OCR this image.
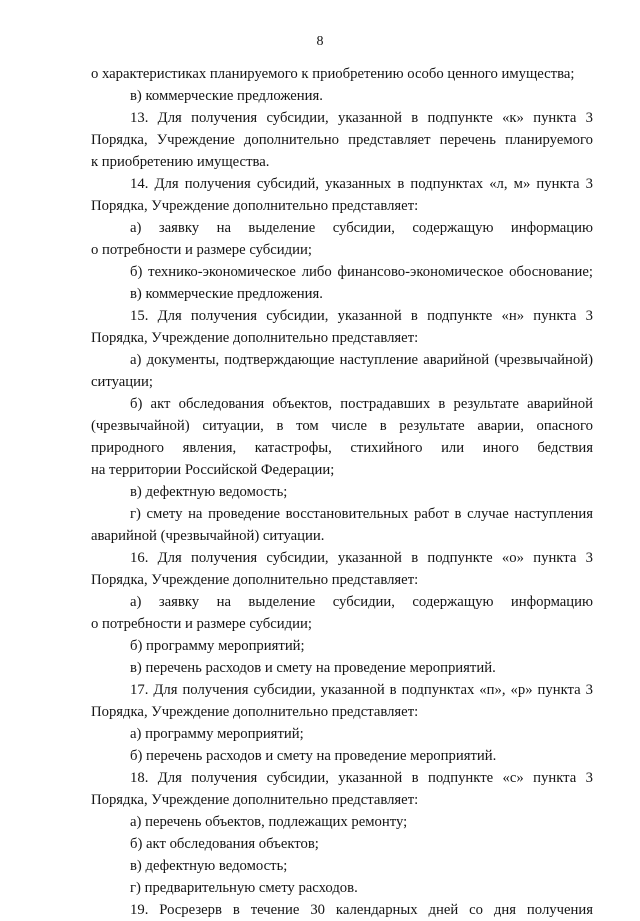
8
о характеристиках планируемого к приобретению особо ценного имущества;
в) коммерческие предложения.
13. Для получения субсидии, указанной в подпункте «к» пункта 3
Порядка, Учреждение дополнительно представляет перечень планируемого
к приобретению имущества.
14. Для получения субсидий, указанных в подпунктах «л, м» пункта 3
Порядка, Учреждение дополнительно представляет:
а) заявку на выделение субсидии, содержащую информацию
о потребности и размере субсидии;
б) технико-экономическое либо финансово-экономическое обоснование;
в) коммерческие предложения.
15. Для получения субсидии, указанной в подпункте «н» пункта 3
Порядка, Учреждение дополнительно представляет:
а) документы, подтверждающие наступление аварийной (чрезвычайной)
ситуации;
б) акт обследования объектов, пострадавших в результате аварийной
(чрезвычайной) ситуации, в том числе в результате аварии, опасного
природного явления, катастрофы, стихийного или иного бедствия
на территории Российской Федерации;
в) дефектную ведомость;
г) смету на проведение восстановительных работ в случае наступления
аварийной (чрезвычайной) ситуации.
16. Для получения субсидии, указанной в подпункте «о» пункта 3
Порядка, Учреждение дополнительно представляет:
а) заявку на выделение субсидии, содержащую информацию
о потребности и размере субсидии;
б) программу мероприятий;
в) перечень расходов и смету на проведение мероприятий.
17. Для получения субсидии, указанной в подпунктах «п», «р» пункта 3
Порядка, Учреждение дополнительно представляет:
а) программу мероприятий;
б) перечень расходов и смету на проведение мероприятий.
18. Для получения субсидии, указанной в подпункте «с» пункта 3
Порядка, Учреждение дополнительно представляет:
а) перечень объектов, подлежащих ремонту;
б) акт обследования объектов;
в) дефектную ведомость;
г) предварительную смету расходов.
19. Росрезерв в течение 30 календарных дней со дня получения
